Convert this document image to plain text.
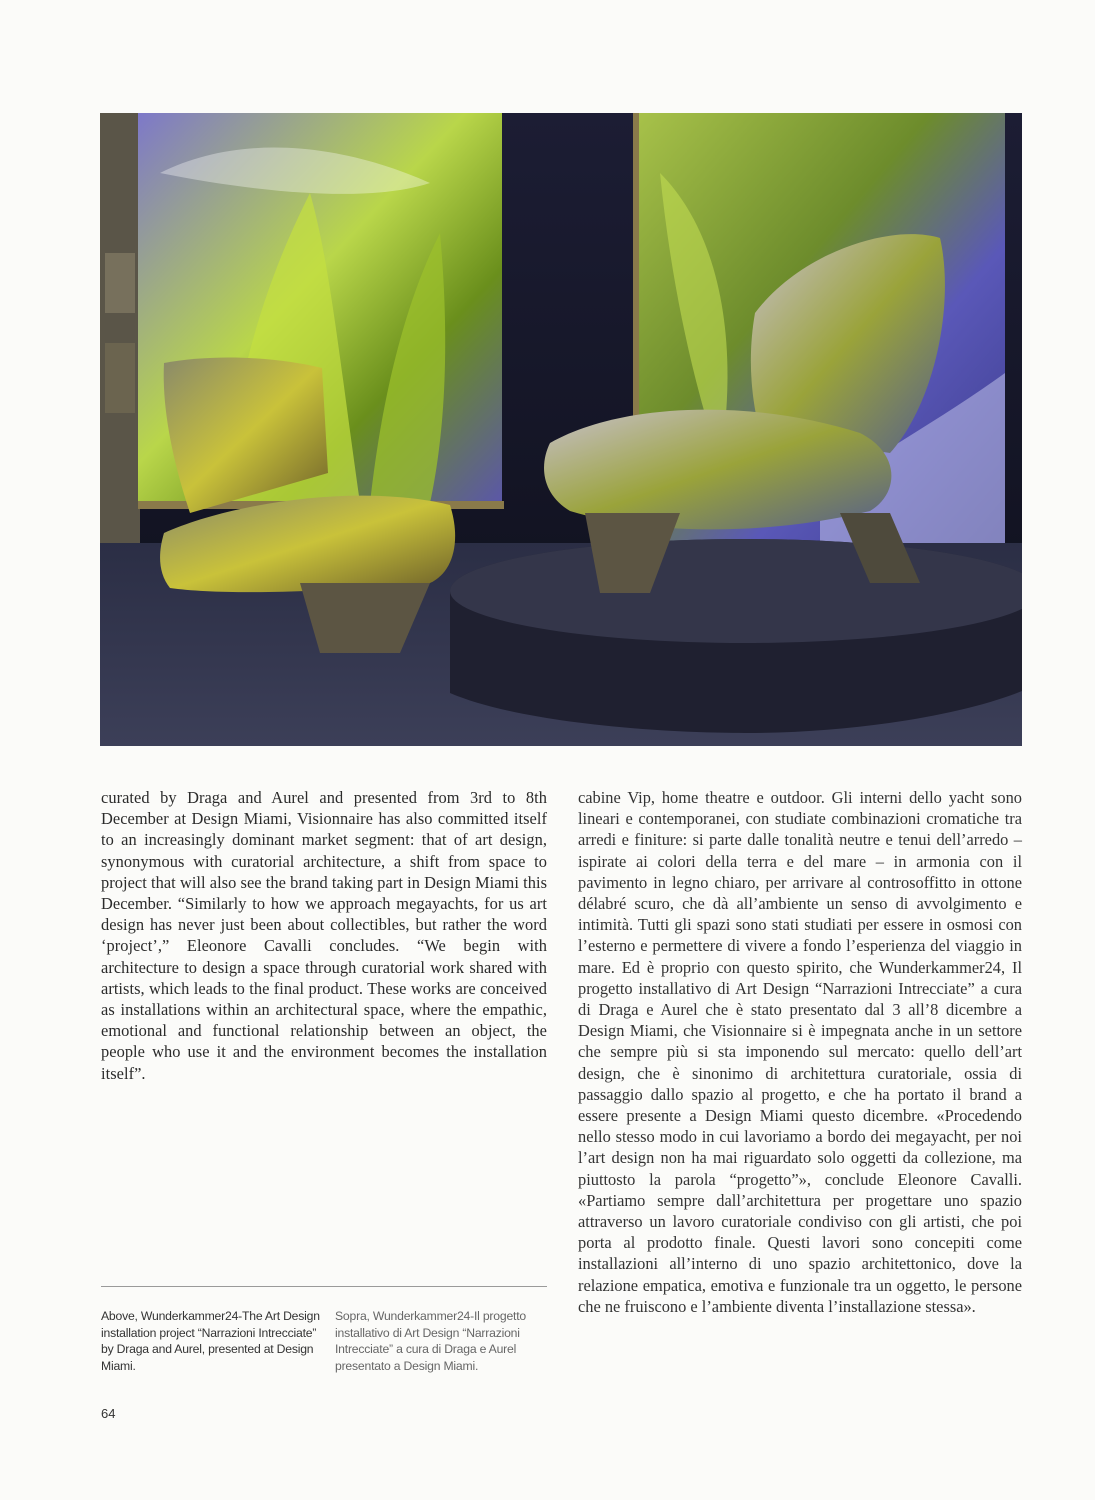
curated by Draga and Aurel and presented from 3rd to 8th December at Design Miami, Visionnaire has also committed itself to an increasingly dominant market segment: that of art design, synonymous with curatorial architecture, a shift from space to project that will also see the brand taking part in Design Miami this December. “Similarly to how we approach megayachts, for us art design has never just been about collectibles, but rather the word ‘project’,” Eleonore Cavalli concludes. “We begin with architecture to design a space through curatorial work shared with artists, which leads to the final product. These works are conceived as installations within an architectural space, where the empathic, emotional and functional relationship between an object, the people who use it and the environment becomes the installation itself”.

cabine Vip, home theatre e outdoor. Gli interni dello yacht sono lineari e contemporanei, con studiate combinazioni cromatiche tra arredi e finiture: si parte dalle tonalità neutre e tenui dell’arredo – ispirate ai colori della terra e del mare – in armonia con il pavimento in legno chiaro, per arrivare al controsoffitto in ottone délabré scuro, che dà all’ambiente un senso di avvolgimento e intimità. Tutti gli spazi sono stati studiati per essere in osmosi con l’esterno e permettere di vivere a fondo l’esperienza del viaggio in mare. Ed è proprio con questo spirito, che Wunderkammer24, Il progetto installativo di Art Design “Narrazioni Intrecciate” a cura di Draga e Aurel che è stato presentato dal 3 all’8 dicembre a Design Miami, che Visionnaire si è impegnata anche in un settore che sempre più si sta imponendo sul mercato: quello dell’art design, che è sinonimo di architettura curatoriale, ossia di passaggio dallo spazio al progetto, e che ha portato il brand a essere presente a Design Miami questo dicembre. «Procedendo nello stesso modo in cui lavoriamo a bordo dei megayacht, per noi l’art design non ha mai riguardato solo oggetti da collezione, ma piuttosto la parola “progetto”», conclude Eleonore Cavalli. «Partiamo sempre dall’architettura per progettare uno spazio attraverso un lavoro curatoriale condiviso con gli artisti, che poi porta al prodotto finale. Questi lavori sono concepiti come installazioni all’interno di uno spazio architettonico, dove la relazione empatica, emotiva e funzionale tra un oggetto, le persone che ne fruiscono e l’ambiente diventa l’installazione stessa».

Above, Wunderkammer24-The Art Design installation project “Narrazioni Intrecciate” by Draga and Aurel, presented at Design Miami.

Sopra, Wunderkammer24-Il progetto installativo di Art Design “Narrazioni Intrecciate” a cura di Draga e Aurel presentato a Design Miami.

64
